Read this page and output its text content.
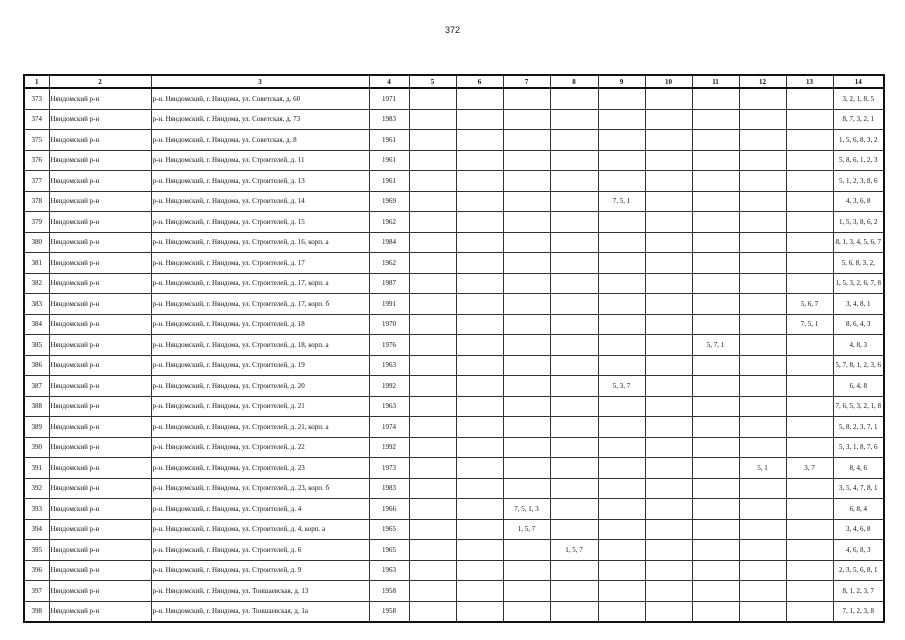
372
1	2	3	4	5	6	7	8	9	10	11	12	13	14
373	Няндомский р-н	р-н. Няндомский, г. Няндома, ул. Советская, д. 60	1971										3, 2, 1, 8, 5
374	Няндомский р-н	р-н. Няндомский, г. Няндома, ул. Советская, д. 73	1983										8, 7, 3, 2, 1
375	Няндомский р-н	р-н. Няндомский, г. Няндома, ул. Советская, д. 8	1961										1, 5, 6, 8, 3, 2
376	Няндомский р-н	р-н. Няндомский, г. Няндома, ул. Строителей, д. 11	1961										5, 8, 6, 1, 2, 3
377	Няндомский р-н	р-н. Няндомский, г. Няндома, ул. Строителей, д. 13	1961										5, 1, 2, 3, 8, 6
378	Няндомский р-н	р-н. Няндомский, г. Няндома, ул. Строителей, д. 14	1969					7, 5, 1					4, 3, 6, 8
379	Няндомский р-н	р-н. Няндомский, г. Няндома, ул. Строителей, д. 15	1962										1, 5, 3, 8, 6, 2
380	Няндомский р-н	р-н. Няндомский, г. Няндома, ул. Строителей, д. 16, корп. а	1984										8, 1, 3, 4, 5, 6, 7
381	Няндомский р-н	р-н. Няндомский, г. Няндома, ул. Строителей, д. 17	1962										5, 6, 8, 3, 2,
382	Няндомский р-н	р-н. Няндомский, г. Няндома, ул. Строителей, д. 17, корп. а	1987										1, 5, 3, 2, 6, 7, 8
383	Няндомский р-н	р-н. Няндомский, г. Няндома, ул. Строителей, д. 17, корп. б	1991									5, 6, 7	3, 4, 8, 1
384	Няндомский р-н	р-н. Няндомский, г. Няндома, ул. Строителей, д. 18	1970									7, 5, 1	8, 6, 4, 3
385	Няндомский р-н	р-н. Няндомский, г. Няндома, ул. Строителей, д. 18, корп. а	1976							5, 7, 1			4, 8, 3
386	Няндомский р-н	р-н. Няндомский, г. Няндома, ул. Строителей, д. 19	1963										5, 7, 8, 1, 2, 3, 6
387	Няндомский р-н	р-н. Няндомский, г. Няндома, ул. Строителей, д. 20	1992					5, 3, 7					6, 4, 8
388	Няндомский р-н	р-н. Няндомский, г. Няндома, ул. Строителей, д. 21	1963										7, 6, 5, 3, 2, 1, 8
389	Няндомский р-н	р-н. Няндомский, г. Няндома, ул. Строителей, д. 21, корп. а	1974										5, 8, 2, 3, 7, 1
390	Няндомский р-н	р-н. Няндомский, г. Няндома, ул. Строителей, д. 22	1992										5, 3, 1, 8, 7, 6
391	Няндомский р-н	р-н. Няндомский, г. Няндома, ул. Строителей, д. 23	1973								5, 1	3, 7	8, 4, 6
392	Няндомский р-н	р-н. Няндомский, г. Няндома, ул. Строителей, д. 23, корп. б	1983										3, 5, 4, 7, 8, 1
393	Няндомский р-н	р-н. Няндомский, г. Няндома, ул. Строителей, д. 4	1966			7, 5, 1, 3							6, 8, 4
394	Няндомский р-н	р-н. Няндомский, г. Няндома, ул. Строителей, д. 4, корп. а	1965			1, 5, 7							3, 4, 6, 8
395	Няндомский р-н	р-н. Няндомский, г. Няндома, ул. Строителей, д. 6	1965				1, 5, 7						4, 6, 8, 3
396	Няндомский р-н	р-н. Няндомский, г. Няндома, ул. Строителей, д. 9	1963										2, 3, 5, 6, 8, 1
397	Няндомский р-н	р-н. Няндомский, г. Няндома, ул. Тоншаевская, д. 13	1958										8, 1, 2, 3, 7
398	Няндомский р-н	р-н. Няндомский, г. Няндома, ул. Тоншаевская, д. 1а	1958										7, 1, 2, 3, 8
